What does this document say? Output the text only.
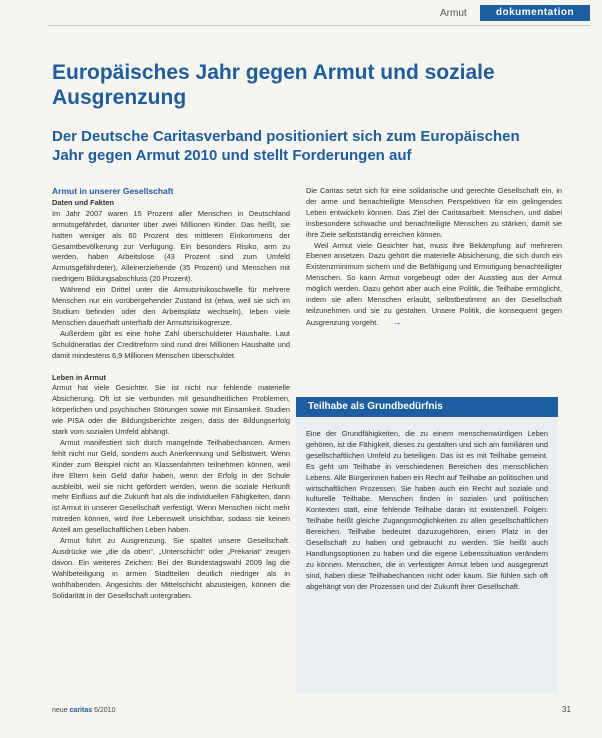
Armut	dokumentation
Europäisches Jahr gegen Armut und soziale Ausgrenzung
Der Deutsche Caritasverband positioniert sich zum Europäischen Jahr gegen Armut 2010 und stellt Forderungen auf
Armut in unserer Gesellschaft
Daten und Fakten

Im Jahr 2007 waren 15 Prozent aller Menschen in Deutschland armutsgefährdet, darunter über zwei Millionen Kinder. Das heißt, sie hatten weniger als 60 Prozent des mittleren Einkommens der Gesamtbevölkerung zur Verfügung. Ein besonders Risiko, arm zu werden, haben Arbeitslose (43 Prozent sind zum Umfeld Armutsgefährdeter), Alleinerziehende (35 Prozent) und Menschen mit niedrigem Bildungsabschluss (20 Prozent).

Während ein Drittel unter die Armutsrisikoschwelle für mehrere Menschen nur ein vorübergehender Zustand ist (etwa, weil sie sich im Studium befinden oder den Arbeitsplatz wechseln), leben viele Menschen dauerhaft unterhalb der Armutsrisikogrenze.

Außerdem gibt es eine hohe Zahl überschuldeter Haushalte. Laut Schuldneratlas der Creditreform sind rund drei Millionen Haushalte und damit mindestens 6,9 Millionen Menschen überschuldet.

Leben in Armut

Armut hat viele Gesichter. Sie ist nicht nur fehlende materielle Absicherung. Oft ist sie verbunden mit gesundheitlichen Problemen, körperlichen und psychischen Störungen sowie mit Einsamkeit. Studien wie PISA oder die Bildungsberichte zeigen, dass der Bildungserfolg stark vom sozialen Umfeld abhängt.

Armut manifestiert sich durch mangelnde Teilhabechancen. Armen fehlt nicht nur Geld, sondern auch Anerkennung und Selbstwert. Wenn Kinder zum Beispiel nicht an Klassenfahrten teilnehmen können, weil ihre Eltern kein Geld dafür haben, wenn der Erfolg in der Schule ausbleibt, weil sie nicht gefördert werden, wenn die soziale Herkunft mehr Einfluss auf die Zukunft hat als die individuellen Fähigkeiten, dann ist Armut in unserer Gesellschaft verfestigt. Wenn Menschen nicht mehr mitreden können, wird ihre Lebenswelt unsichtbar, sodass sie keinen Anteil am gesellschaftlichen Leben haben.

Armut führt zu Ausgrenzung. Sie spaltet unsere Gesellschaft. Ausdrücke wie „die da oben“, „Unterschicht“ oder „Prekariat“ zeugen davon. Ein weiteres Zeichen: Bei der Bundestagswahl 2009 lag die Wahlbeteiligung in armen Stadtteilen deutlich niedriger als in wohlhabenden. Angesichts der Mittelschicht abzusteigen, können die Solidarität in der Gesellschaft untergraben.

Die Caritas setzt sich für eine solidarische und gerechte Gesellschaft ein, in der arme und benachteiligte Menschen Perspektiven für ein gelingendes Leben entwickeln können. Das Ziel der Caritasarbeit: Menschen, und dabei insbesondere schwache und benachteiligte Menschen zu stärken, damit sie ihre Ziele selbstständig erreichen können.

Weil Armut viele Gesichter hat, muss ihre Bekämpfung auf mehreren Ebenen ansetzen. Dazu gehört die materielle Absicherung, die sich durch ein Existenzminimum sichern und die Befähigung und Ermutigung benachteiligter Menschen. So kann Armut vorgebeugt oder der Ausstieg aus der Armut möglich werden. Dazu gehört aber auch eine Politik, die Teilhabe ermöglicht, indem sie allen Menschen erlaubt, selbstbestimmt an der Gesellschaft teilzunehmen und sie zu gestalten. Unsere Politik, die konsequent gegen Ausgrenzung vorgeht. →

Teilhabe als Grundbedürfnis
Eine der Grundfähigkeiten, die zu einem menschenwürdigen Leben gehören, ist die Fähigkeit, dieses zu gestalten und sich am familiären und gesellschaftlichen Umfeld zu beteiligen. Das ist es mit Teilhabe gemeint. Es geht um Teilhabe in verschiedenen Bereichen des menschlichen Lebens. Alle Bürgerinnen haben ein Recht auf Teilhabe an politischen und wirtschaftlichen Prozessen. Sie haben auch ein Recht auf soziale und kulturelle Teilhabe. Menschen finden in sozialen und politischen Kontexten statt, eine fehlende Teilhabe daran ist existenziell. Folgen: Teilhabe heißt gleiche Zugangsmöglichkeiten zu allen gesellschaftlichen Bereichen. Teilhabe bedeutet dazuzugehören, einen Platz in der Gesellschaft zu haben und gebraucht zu werden. Sie heißt auch Handlungsoptionen zu haben und die eigene Lebenssituation verändern zu können. Menschen, die in verfestigter Armut leben und ausgegrenzt sind, haben diese Teilhabechancen nicht oder kaum. Sie fühlen sich oft abgehängt von der Prozessen und der Zukunft ihrer Gesellschaft.
neue caritas 6/2010	31
